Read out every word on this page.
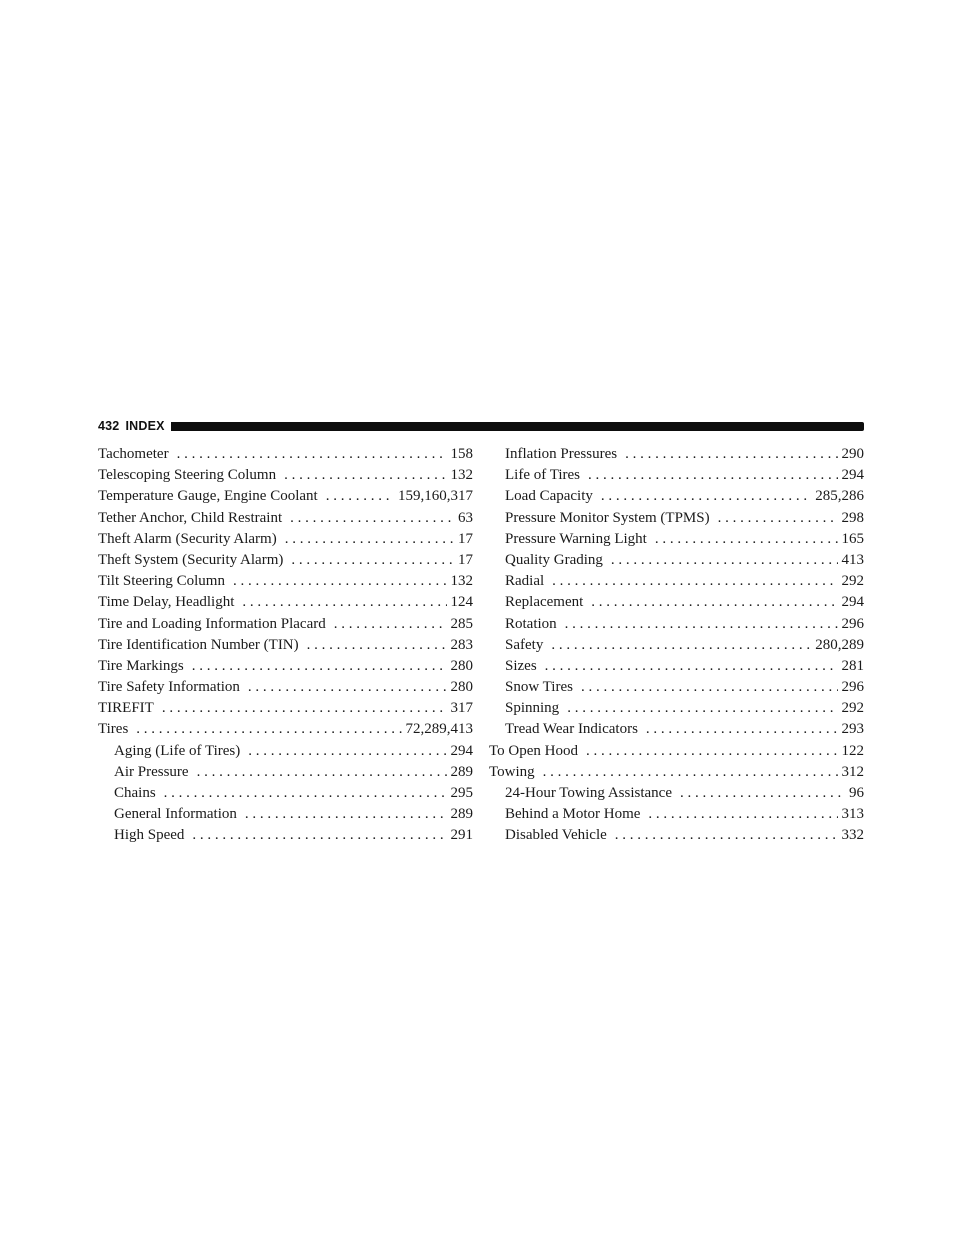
432 INDEX
Tachometer . . .	158
Telescoping Steering Column . . .	132
Temperature Gauge, Engine Coolant . . .	159,160,317
Tether Anchor, Child Restraint . . .	63
Theft Alarm (Security Alarm) . . .	17
Theft System (Security Alarm) . . .	17
Tilt Steering Column . . .	132
Time Delay, Headlight . . .	124
Tire and Loading Information Placard . . .	285
Tire Identification Number (TIN) . . .	283
Tire Markings . . .	280
Tire Safety Information . . .	280
TIREFIT . . .	317
Tires . . .	72,289,413
Aging (Life of Tires) . . .	294
Air Pressure . . .	289
Chains . . .	295
General Information . . .	289
High Speed . . .	291
Inflation Pressures . . .	290
Life of Tires . . .	294
Load Capacity . . .	285,286
Pressure Monitor System (TPMS) . . .	298
Pressure Warning Light . . .	165
Quality Grading . . .	413
Radial . . .	292
Replacement . . .	294
Rotation . . .	296
Safety . . .	280,289
Sizes . . .	281
Snow Tires . . .	296
Spinning . . .	292
Tread Wear Indicators . . .	293
To Open Hood . . .	122
Towing . . .	312
24-Hour Towing Assistance . . .	96
Behind a Motor Home . . .	313
Disabled Vehicle . . .	332
